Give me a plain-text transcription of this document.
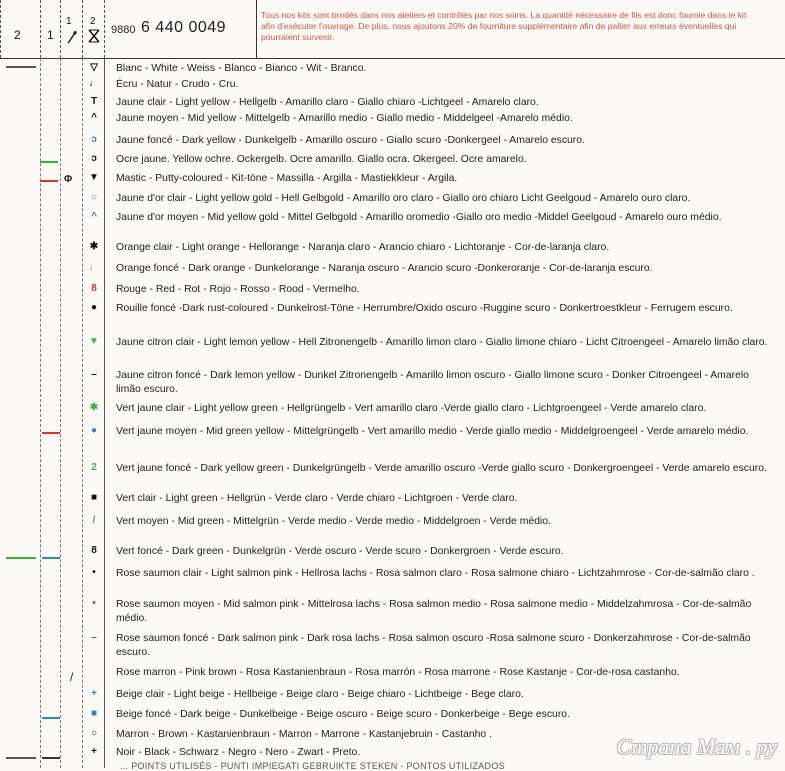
2 1
1 2
9880 6 440 0049
Tous nos kits sont brodés dans nos ateliers et contrôlés par nos soins. La quantité nécessaire de fils est donc fournie dans le kit afin d'exécuter l'ouvrage. De plus, nous ajoutons 20% de fourniture supplémentaire afin de pallier aux erreurs éventuelles qui pourraient survenir.
▽	Blanc - White - Weiss - Blanco - Bianco - Wit - Branco.
♩ Écru - Natur - Crudo - Cru.
T	Jaune clair - Light yellow - Hellgelb - Amarillo claro - Giallo chiaro -Lichtgeel - Amarelo claro.
^	Jaune moyen - Mid yellow - Mittelgelb - Amarillo medio - Giallo medio - Middelgeel -Amarelo médio.
ↄ	Jaune foncé - Dark yellow - Dunkelgelb - Amarillo oscuro - Giallo scuro -Donkergeel - Amarelo escuro.
ↄ	Ocre jaune. Yellow ochre. Ockergelb. Ocre amarillo. Giallo ocra. Okergeel. Ocre amarelo.
▼ Mastic - Putty-coloured - Kit-töne - Massilla - Argilla - Mastiekkleur - Argila.
○	Jaune d'or clair - Light yellow gold - Hell Gelbgold - Amarillo oro claro - Giallo oro chiaro Licht Geelgoud - Amarelo ouro claro.
^	Jaune d'or moyen - Mid yellow gold - Mittel Gelbgold - Amarillo oromedio -Giallo oro medio -Middel Geelgoud - Amarelo ouro médio.
✱	Orange clair - Light orange - Hellorange - Naranja claro - Arancio chiaro - Lichtoranje - Cor-de-laranja claro.
♩ Orange foncé - Dark orange - Dunkelorange - Naranja oscuro - Arancio scuro -Donkeroranje - Cor-de-laranja escuro.
8	Rouge - Red - Rot - Rojo - Rosso - Rood - Vermelho.
●	Rouille foncé -Dark rust-coloured - Dunkelrost-Töne - Herrumbre/Oxido oscuro -Ruggine scuro - Donkertroestkleur - Ferrugem escuro.
▼ Jaune citron clair - Light lemon yellow - Hell Zitronengelb - Amarillo limon claro - Giallo limone chiaro - Licht Citroengeel - Amarelo limão claro.
–	Jaune citron foncé - Dark lemon yellow - Dunkel Zitronengelb - Amarillo limon oscuro - Giallo limone scuro - Donker Citroengeel - Amarelo limão escuro.
✱	Vert jaune clair - Light yellow green - Hellgrüngelb - Vert amarillo claro -Verde giallo claro - Lichtgroengeel - Verde amarelo claro.
●	Vert jaune moyen - Mid green yellow - Mittelgrüngelb - Vert amarillo medio - Verde giallo medio - Middelgroengeel - Verde amarelo médio.
2	Vert jaune foncé - Dark yellow green - Dunkelgrüngelb - Verde amarillo oscuro -Verde giallo scuro - Donkergroengeel - Verde amarelo escuro.
■	Vert clair - Light green - Hellgrün - Verde claro - Verde chiaro - Lichtgroen - Verde claro.
/	Vert moyen - Mid green - Mittelgrün - Verde medio - Verde medio - Middelgroen - Verde médio.
8	Vert foncé - Dark green - Dunkelgrün - Verde oscuro - Verde scuro - Donkergroen - Verde escuro.
•	Rose saumon clair - Light salmon pink - Hellrosa lachs - Rosa salmon claro - Rosa salmone chiaro - Lichtzahmrose - Cor-de-salmão claro .
•	Rose saumon moyen - Mid salmon pink - Mittelrosa lachs - Rosa salmon medio - Rosa salmone medio - Middelzahmrosa - Cor-de-salmão médio.
–	Rose saumon foncé - Dark salmon pink - Dark rosa lachs - Rosa salmon oscuro -Rosa salmone scuro - Donkerzahmrose - Cor-de-salmão escuro.
Rose marron - Pink brown - Rosa Kastanienbraun - Rosa marrón - Rosa marrone - Rose Kastanje - Cor-de-rosa castanho.
+	Beige clair - Light beige - Hellbeige - Beige claro - Beige chiaro - Lichtbeige - Bege claro.
■	Beige foncé - Dark beige - Dunkelbeige - Beige oscuro - Beige scuro - Donkerbeige - Bege escuro.
○	Marron - Brown - Kastanienbraun - Marron - Marrone - Kastanjebruin - Castanho .
+	Noir - Black - Schwarz - Negro - Nero - Zwart - Preto.
Φ
/
... POINTS UTILISÉS - PUNTI IMPIEGATI GEBRUIKTE STEKEN - PONTOS UTILIZADOS
Страна Мам . ру
